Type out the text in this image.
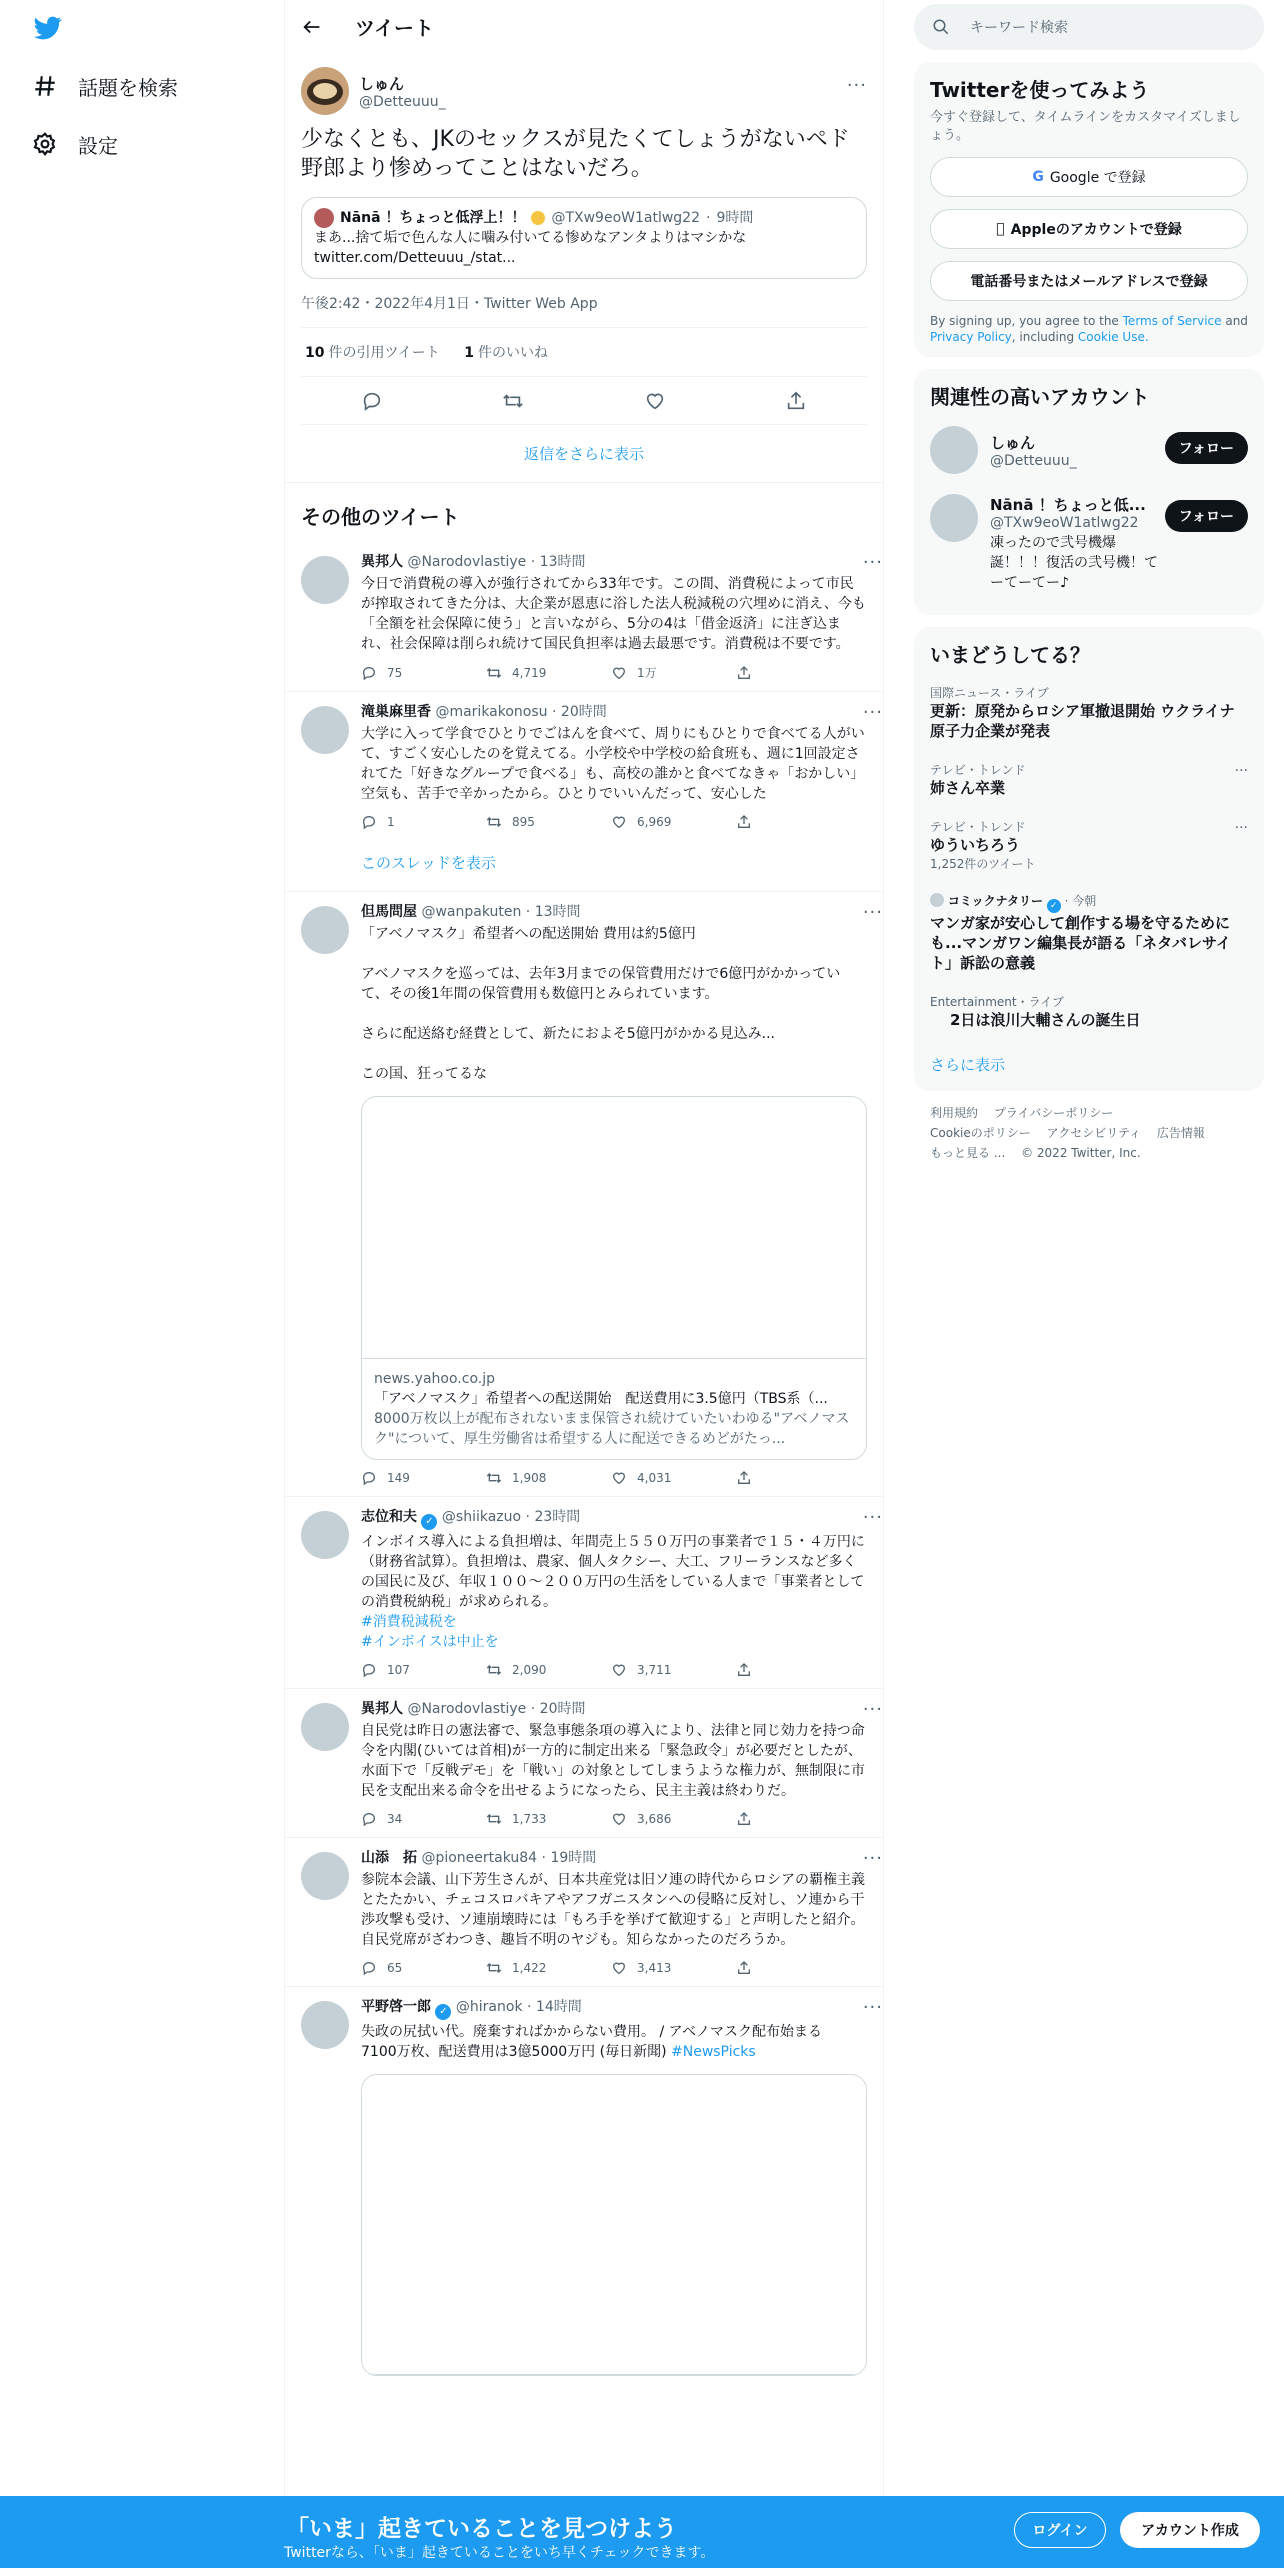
話題を検索
設定
ツイート
しゅん
@Detteuuu_
···
少なくとも、JKのセックスが見たくてしょうがないペド野郎より惨めってことはないだろ。
Nānā ！ちょっと低浮上！！ @TXw9eoW1atlwg22 · 9時間
まあ...捨て垢で色んな人に噛み付いてる惨めなアンタよりはマシかな
twitter.com/Detteuuu_/stat...
午後2:42・2022年4月1日・Twitter Web App
10 件の引用ツイート 1 件のいいね
返信をさらに表示
その他のツイート
異邦人 @Narodovlastiye · 13時間	···
今日で消費税の導入が強行されてから33年です。この間、消費税によって市民が搾取されてきた分は、大企業が恩恵に浴した法人税減税の穴埋めに消え、今も「全額を社会保障に使う」と言いながら、5分の4は「借金返済」に注ぎ込まれ、社会保障は削られ続けて国民負担率は過去最悪です。消費税は不要です。
75	4,719	1万
滝巣麻里香 @marikakonosu · 20時間	···
大学に入って学食でひとりでごはんを食べて、周りにもひとりで食べてる人がいて、すごく安心したのを覚えてる。小学校や中学校の給食班も、週に1回設定されてた「好きなグループで食べる」も、高校の誰かと食べてなきゃ「おかしい」空気も、苦手で辛かったから。ひとりでいいんだって、安心した
1	895	6,969
このスレッドを表示
但馬問屋 @wanpakuten · 13時間	···

「アベノマスク」希望者への配送開始 費用は約5億円

アベノマスクを巡っては、去年3月までの保管費用だけで6億円がかかっていて、その後1年間の保管費用も数億円とみられています。

さらに配送絡む経費として、新たにおよそ5億円がかかる見込み...

この国、狂ってるな

news.yahoo.co.jp
「アベノマスク」希望者への配送開始　配送費用に3.5億円（TBS系（...
8000万枚以上が配布されないまま保管され続けていたいわゆる"アベノマスク"について、厚生労働省は希望する人に配送できるめどがたっ...
149	1,908	4,031
志位和夫 ✓ @shiikazuo · 23時間	···

インボイス導入による負担増は、年間売上５５０万円の事業者で１５・４万円に（財務省試算）。負担増は、農家、個人タクシー、大工、フリーランスなど多くの国民に及び、年収１００～２００万円の生活をしている人まで「事業者としての消費税納税」が求められる。

#消費税減税を

#インボイスは中止を

107	2,090	3,711
異邦人 @Narodovlastiye · 20時間	···
自民党は昨日の憲法審で、緊急事態条項の導入により、法律と同じ効力を持つ命令を内閣(ひいては首相)が一方的に制定出来る「緊急政令」が必要だとしたが、水面下で「反戦デモ」を「戦い」の対象としてしまうような権力が、無制限に市民を支配出来る命令を出せるようになったら、民主主義は終わりだ。
34	1,733	3,686
山添　拓 @pioneertaku84 · 19時間	···

参院本会議、山下芳生さんが、日本共産党は旧ソ連の時代からロシアの覇権主義とたたかい、チェコスロバキアやアフガニスタンへの侵略に反対し、ソ連から干渉攻撃も受け、ソ連崩壊時には「もろ手を挙げて歓迎する」と声明したと紹介。

自民党席がざわつき、趣旨不明のヤジも。知らなかったのだろうか。

65	1,422	3,413
平野啓一郎 ✓ @hiranok · 14時間	···
失政の尻拭い代。廃棄すればかからない費用。 / アベノマスク配布始まる　7100万枚、配送費用は3億5000万円 (毎日新聞) #NewsPicks
キーワード検索
Twitterを使ってみよう
今すぐ登録して、タイムラインをカスタマイズしましょう。
G Google で登録
Appleのアカウントで登録
電話番号またはメールアドレスで登録
By signing up, you agree to the Terms of Service and Privacy Policy, including Cookie Use.
関連性の高いアカウント
しゅん
@Detteuuu_
フォロー
Nānā ！ちょっと低...
@TXw9eoW1atlwg22
凍ったので弐号機爆誕！！！復活の弐号機！てーてーてー♪
フォロー
いまどうしてる？
国際ニュース・ライブ
更新：原発からロシア軍撤退開始 ウクライナ原子力企業が発表
テレビ・トレンド
姉さん卒業
···
テレビ・トレンド
ゆういちろう
1,252件のツイート
···
コミックナタリー ✓ · 今朝
マンガ家が安心して創作する場を守るためにも...マンガワン編集長が語る「ネタバレサイト」訴訟の意義
Entertainment・ライブ
2日は浪川大輔さんの誕生日
さらに表示
利用規約 プライバシーポリシー
Cookieのポリシー アクセシビリティ 広告情報
もっと見る ... © 2022 Twitter, Inc.
「いま」起きていることを見つけよう
Twitterなら、「いま」起きていることをいち早くチェックできます。
ログイン	アカウント作成
